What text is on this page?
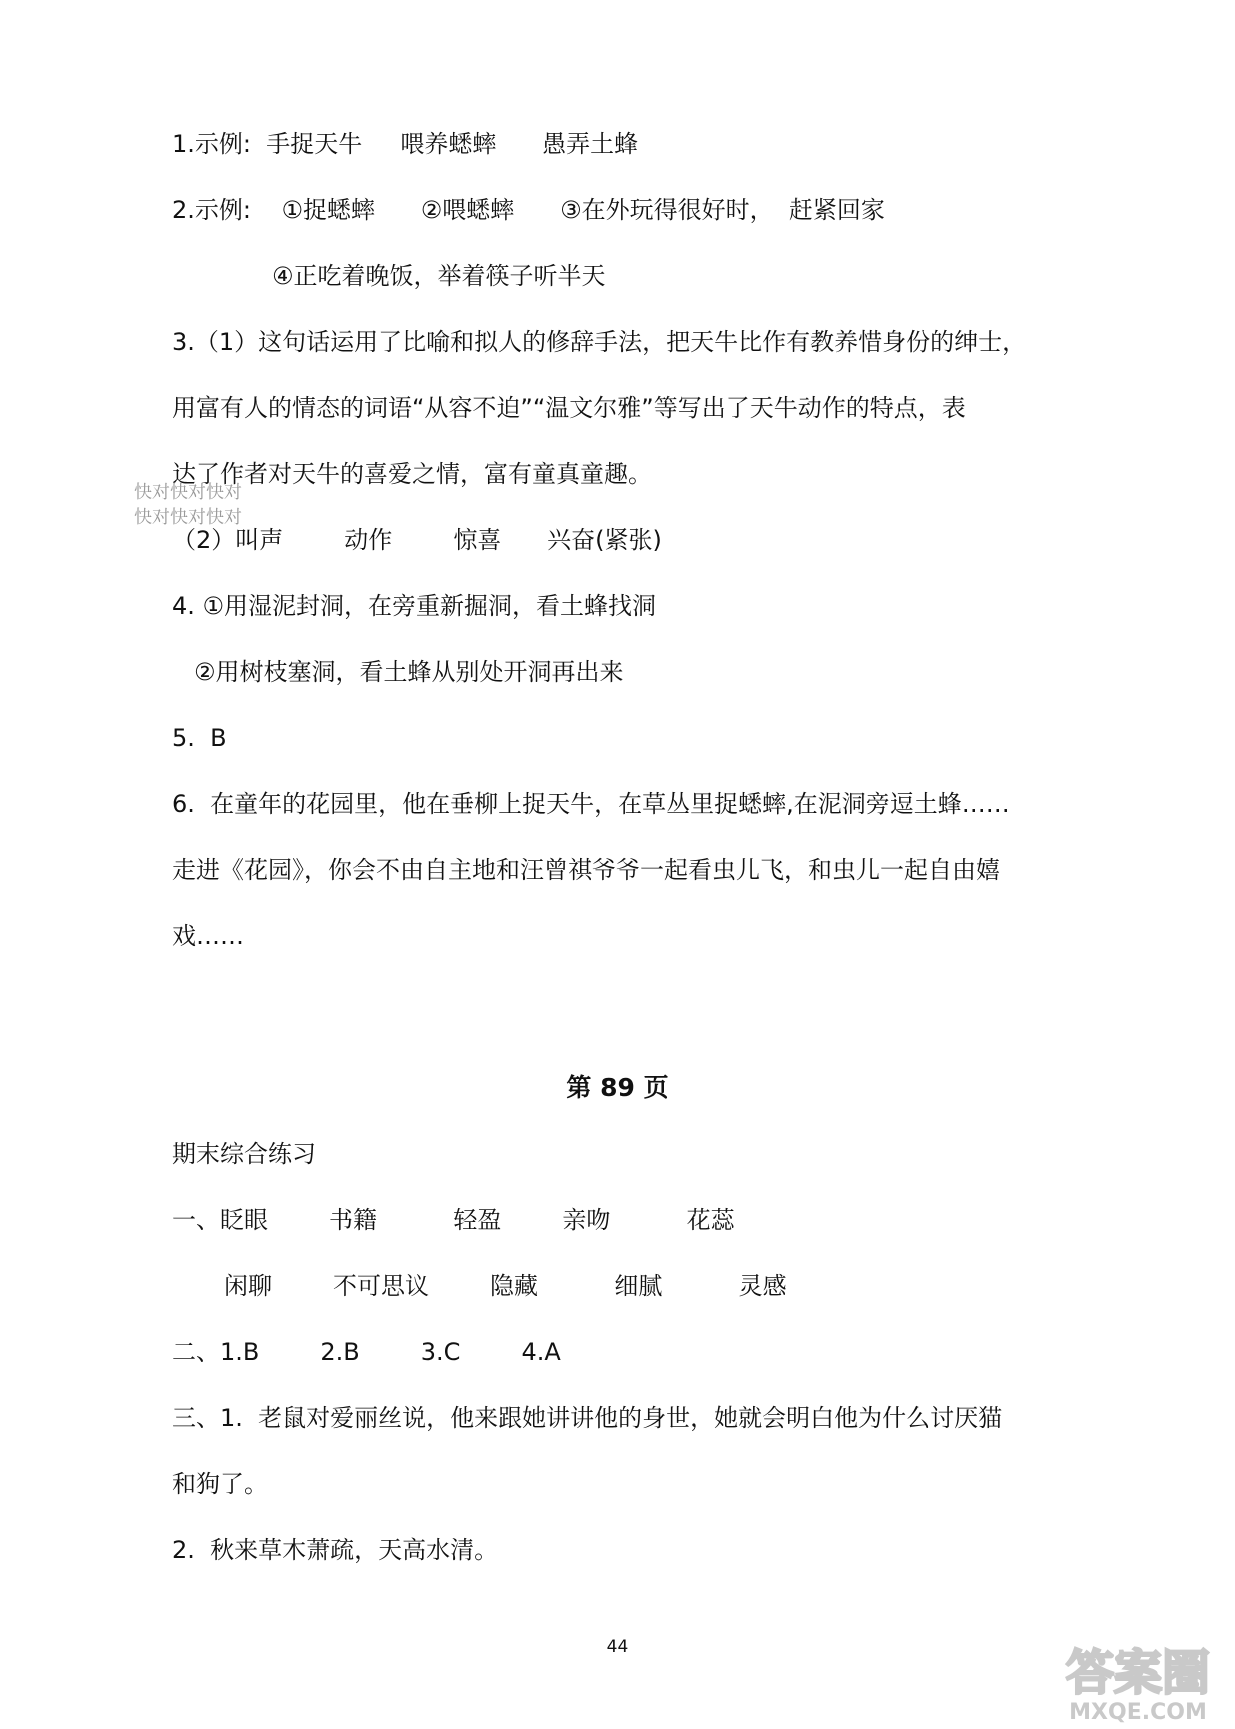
1.示例:  手捉天牛     喂养蟋蟀      愚弄土蜂
2.示例:    ①捉蟋蟀      ②喂蟋蟀      ③在外玩得很好时，  赶紧回家
④正吃着晚饭，举着筷子听半天
3.（1）这句话运用了比喻和拟人的修辞手法，把天牛比作有教养惜身份的绅士，
用富有人的情态的词语“从容不迫”“温文尔雅”等写出了天牛动作的特点，表
达了作者对天牛的喜爱之情，富有童真童趣。
（2）叫声        动作        惊喜      兴奋(紧张)
4. ①用湿泥封洞，在旁重新掘洞，看土蜂找洞
②用树枝塞洞，看土蜂从别处开洞再出来
5.  B
6.  在童年的花园里，他在垂柳上捉天牛，在草丛里捉蟋蟀,在泥洞旁逗土蜂……
走进《花园》，你会不由自主地和汪曾祺爷爷一起看虫儿飞，和虫儿一起自由嬉
戏……
第 89 页
期末综合练习
一、眨眼        书籍          轻盈        亲吻          花蕊
闲聊        不可思议        隐藏          细腻          灵感
二、1.B        2.B        3.C        4.A
三、1.  老鼠对爱丽丝说，他来跟她讲讲他的身世，她就会明白他为什么讨厌猫
和狗了。
2.  秋来草木萧疏，天高水清。
快对快对快对
快对快对快对
44	答案圈
MXQE.COM
